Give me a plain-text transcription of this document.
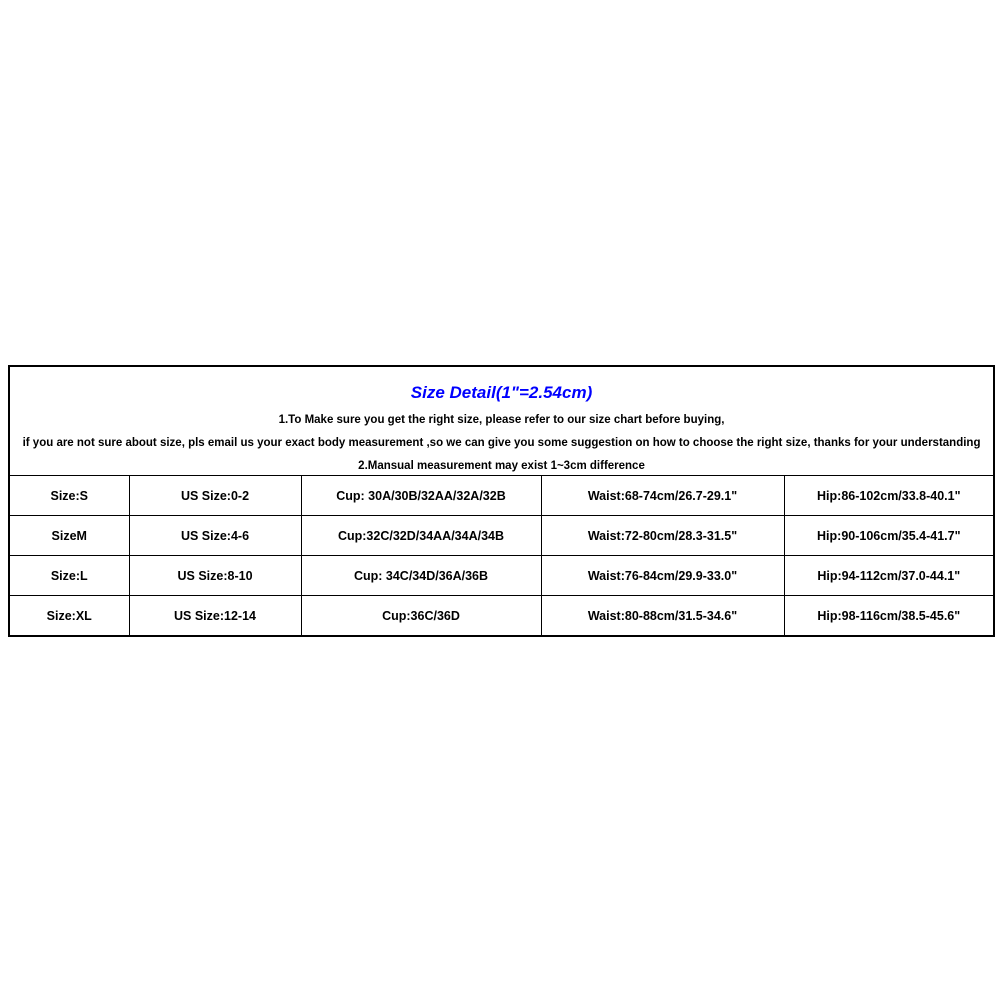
Size Detail(1"=2.54cm)
1.To Make sure you get the right size, please refer to our size chart before buying,
if you are not sure about size, pls email us your exact body measurement ,so we can give you some suggestion on how to choose the right size, thanks for your understanding
2.Mansual measurement may exist 1~3cm difference				

Size:S	US Size:0-2	Cup: 30A/30B/32AA/32A/32B	Waist:68-74cm/26.7-29.1"	Hip:86-102cm/33.8-40.1"
SizeM	US Size:4-6	Cup:32C/32D/34AA/34A/34B	Waist:72-80cm/28.3-31.5"	Hip:90-106cm/35.4-41.7"
Size:L	US Size:8-10	Cup: 34C/34D/36A/36B	Waist:76-84cm/29.9-33.0"	Hip:94-112cm/37.0-44.1"
Size:XL	US Size:12-14	Cup:36C/36D	Waist:80-88cm/31.5-34.6"	Hip:98-116cm/38.5-45.6"
